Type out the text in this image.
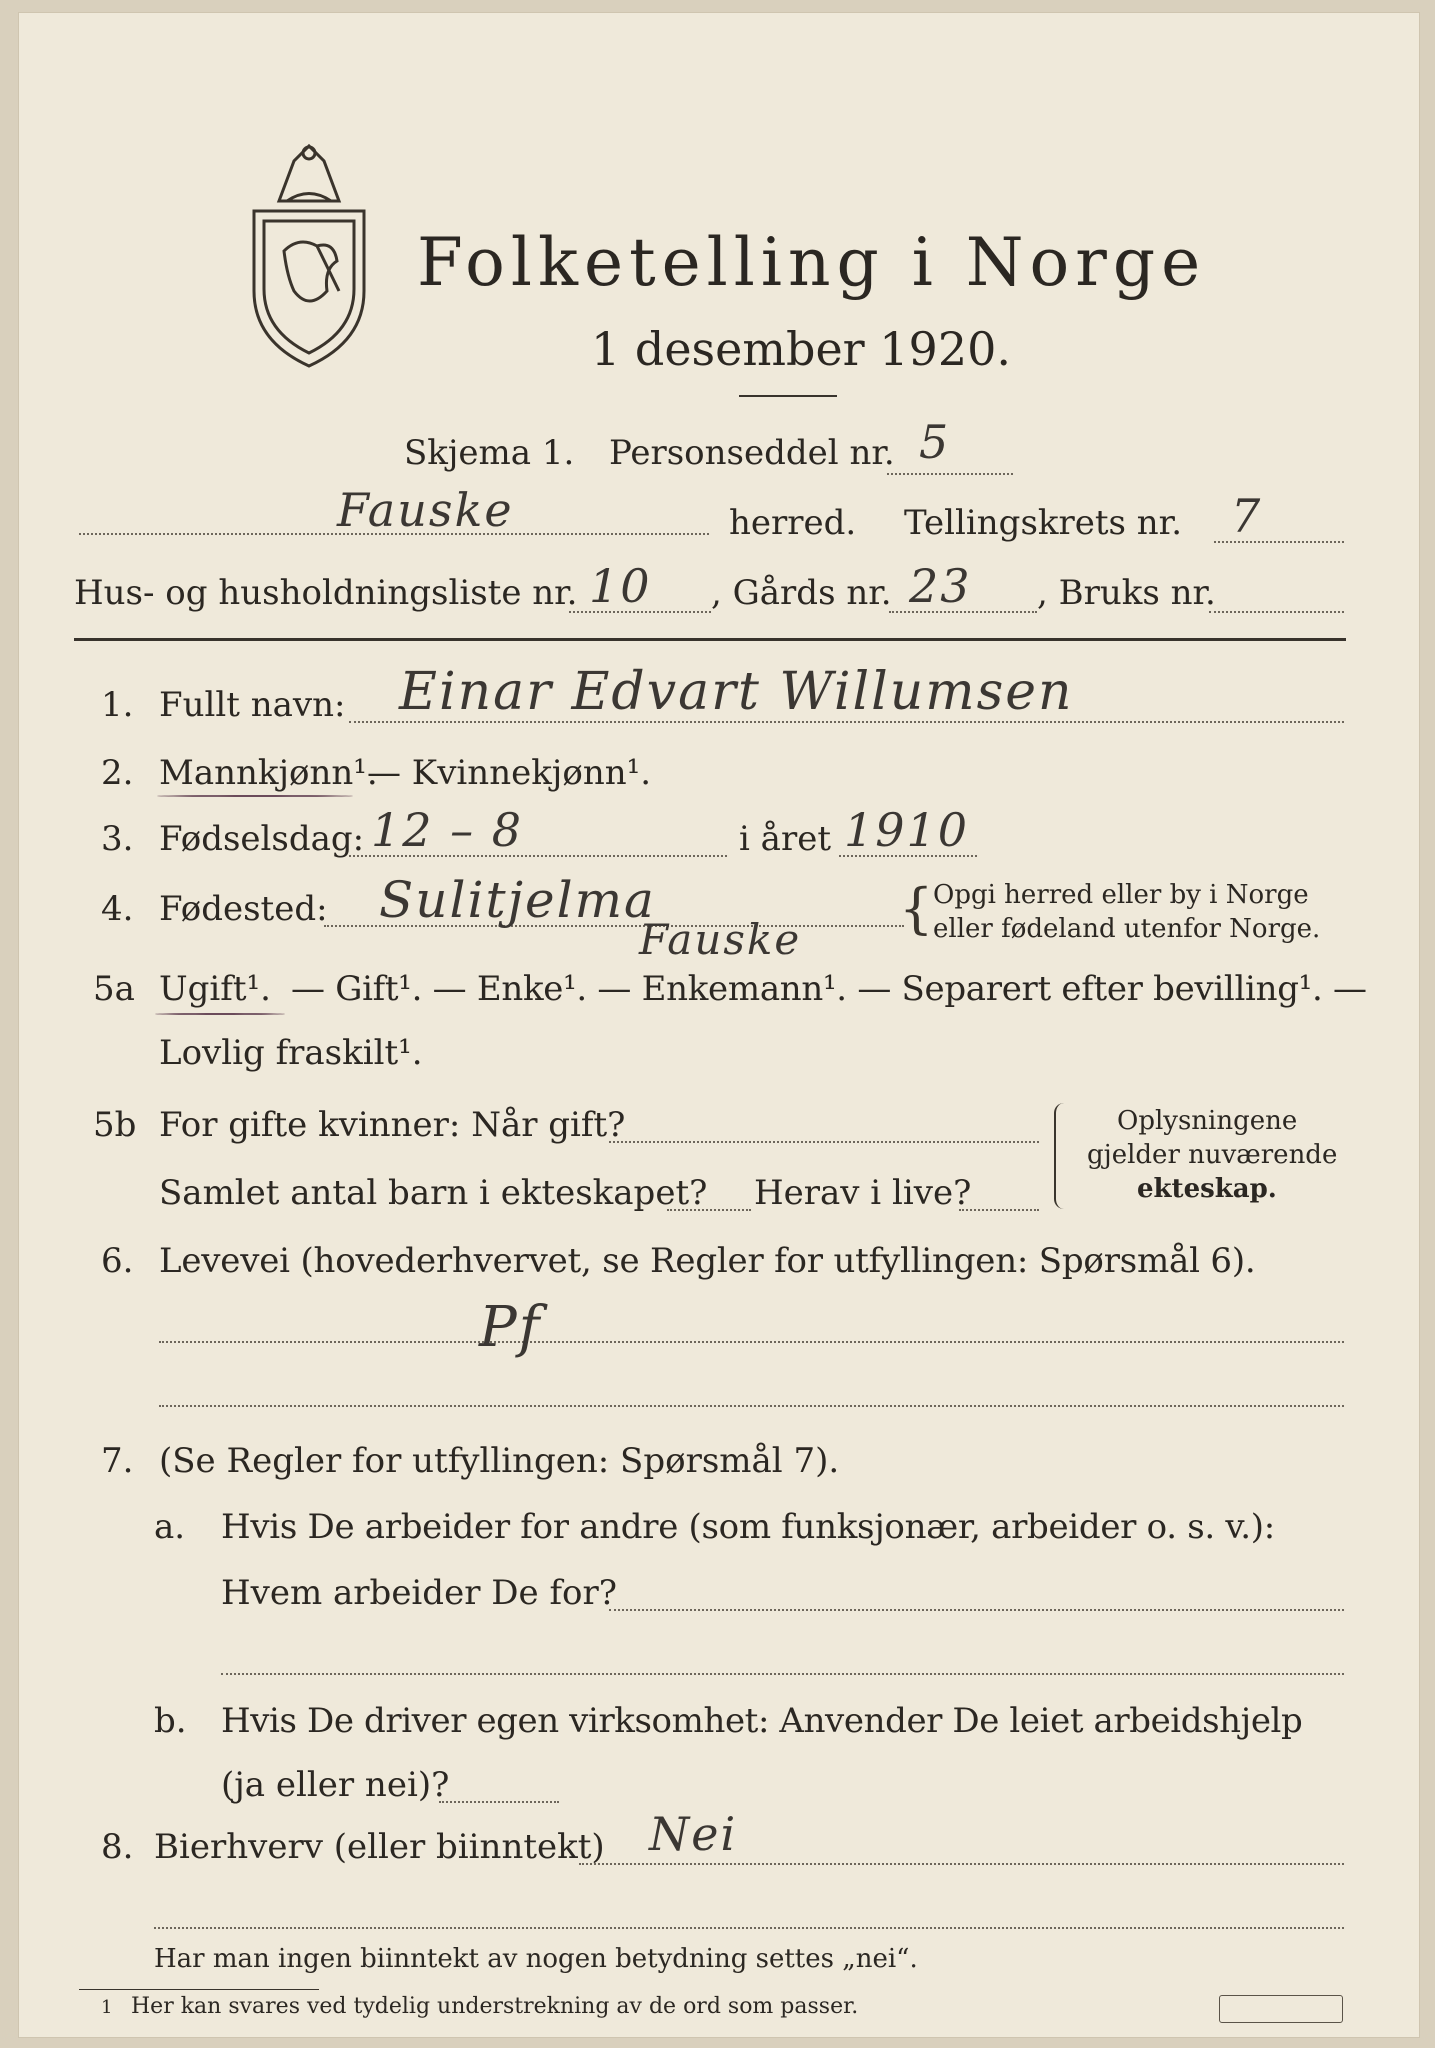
Folketelling i Norge
1 desember 1920.
Skjema 1. Personseddel nr. 5
Fauske	herred. Tellingskrets nr. 7
Hus- og husholdningsliste nr. 10 , Gårds nr. 23 , Bruks nr.
1. Fullt navn: Einar Edvart Willumsen
2. Mannkjønn¹.
— Kvinnekjønn¹.
3. Fødselsdag: 12 – 8	i året 1910
4. Fødested: Sulitjelma
Fauske { Opgi herred eller by i Norge
eller fødeland utenfor Norge.
5a Ugift¹. — Gift¹. — Enke¹. — Enkemann¹. — Separert efter bevilling¹. —
Lovlig fraskilt¹.
5b For gifte kvinner: Når gift?
Samlet antal barn i ekteskapet? Herav i live?
Oplysningene
gjelder nuværende
ekteskap.
6. Levevei (hovederhvervet, se Regler for utfyllingen: Spørsmål 6).
Pf
7. (Se Regler for utfyllingen: Spørsmål 7).
a. Hvis De arbeider for andre (som funksjonær, arbeider o. s. v.):
Hvem arbeider De for?
b. Hvis De driver egen virksomhet: Anvender De leiet arbeidshjelp
(ja eller nei)?
8. Bierhverv (eller biinntekt) Nei
Har man ingen biinntekt av nogen betydning settes „nei“.
1 Her kan svares ved tydelig understrekning av de ord som passer.
